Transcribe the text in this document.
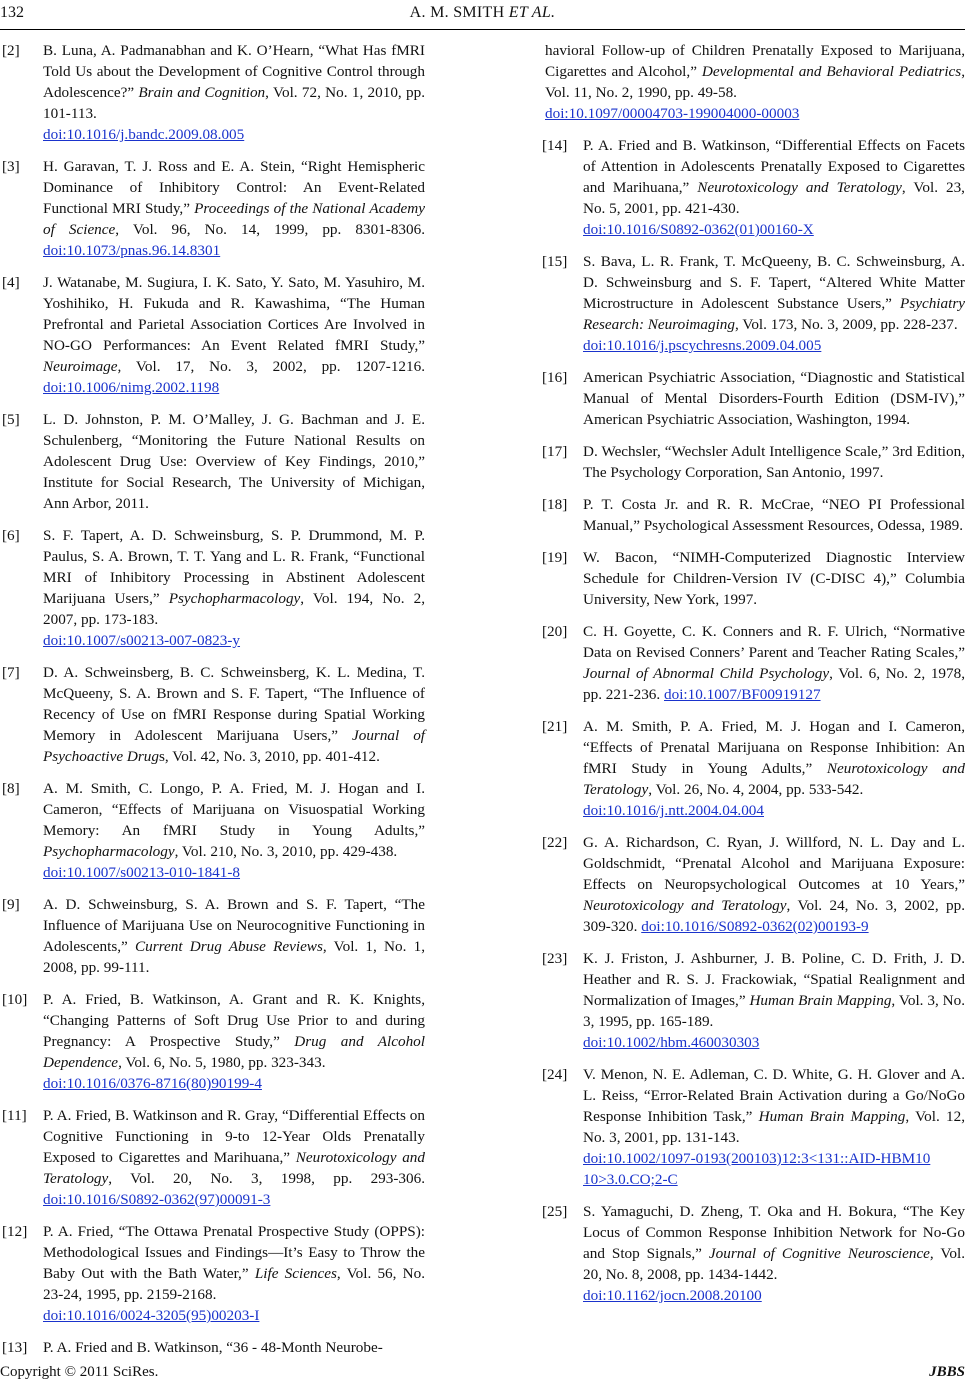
132	A. M. SMITH ET AL.
[2] B. Luna, A. Padmanabhan and K. O’Hearn, “What Has fMRI Told Us about the Development of Cognitive Control through Adolescence?” Brain and Cognition, Vol. 72, No. 1, 2010, pp. 101-113.
doi:10.1016/j.bandc.2009.08.005
[3] H. Garavan, T. J. Ross and E. A. Stein, “Right Hemispheric Dominance of Inhibitory Control: An Event-Related Functional MRI Study,” Proceedings of the National Academy of Science, Vol. 96, No. 14, 1999, pp. 8301-8306. doi:10.1073/pnas.96.14.8301
[4] J. Watanabe, M. Sugiura, I. K. Sato, Y. Sato, M. Yasuhiro, M. Yoshihiko, H. Fukuda and R. Kawashima, “The Human Prefrontal and Parietal Association Cortices Are Involved in NO-GO Performances: An Event Related fMRI Study,” Neuroimage, Vol. 17, No. 3, 2002, pp. 1207-1216. doi:10.1006/nimg.2002.1198
[5] L. D. Johnston, P. M. O’Malley, J. G. Bachman and J. E. Schulenberg, “Monitoring the Future National Results on Adolescent Drug Use: Overview of Key Findings, 2010,” Institute for Social Research, The University of Michigan, Ann Arbor, 2011.
[6] S. F. Tapert, A. D. Schweinsburg, S. P. Drummond, M. P. Paulus, S. A. Brown, T. T. Yang and L. R. Frank, “Functional MRI of Inhibitory Processing in Abstinent Adolescent Marijuana Users,” Psychopharmacology, Vol. 194, No. 2, 2007, pp. 173-183.
doi:10.1007/s00213-007-0823-y
[7] D. A. Schweinsberg, B. C. Schweinsberg, K. L. Medina, T. McQueeny, S. A. Brown and S. F. Tapert, “The Influence of Recency of Use on fMRI Response during Spatial Working Memory in Adolescent Marijuana Users,” Journal of Psychoactive Drugs, Vol. 42, No. 3, 2010, pp. 401-412.
[8] A. M. Smith, C. Longo, P. A. Fried, M. J. Hogan and I. Cameron, “Effects of Marijuana on Visuospatial Working Memory: An fMRI Study in Young Adults,” Psychopharmacology, Vol. 210, No. 3, 2010, pp. 429-438.
doi:10.1007/s00213-010-1841-8
[9] A. D. Schweinsburg, S. A. Brown and S. F. Tapert, “The Influence of Marijuana Use on Neurocognitive Functioning in Adolescents,” Current Drug Abuse Reviews, Vol. 1, No. 1, 2008, pp. 99-111.
[10] P. A. Fried, B. Watkinson, A. Grant and R. K. Knights, “Changing Patterns of Soft Drug Use Prior to and during Pregnancy: A Prospective Study,” Drug and Alcohol Dependence, Vol. 6, No. 5, 1980, pp. 323-343.
doi:10.1016/0376-8716(80)90199-4
[11] P. A. Fried, B. Watkinson and R. Gray, “Differential Effects on Cognitive Functioning in 9-to 12-Year Olds Prenatally Exposed to Cigarettes and Marihuana,” Neurotoxicology and Teratology, Vol. 20, No. 3, 1998, pp. 293-306. doi:10.1016/S0892-0362(97)00091-3
[12] P. A. Fried, “The Ottawa Prenatal Prospective Study (OPPS): Methodological Issues and Findings―It’s Easy to Throw the Baby Out with the Bath Water,” Life Sciences, Vol. 56, No. 23-24, 1995, pp. 2159-2168.
doi:10.1016/0024-3205(95)00203-I
[13] P. A. Fried and B. Watkinson, “36 - 48-Month Neurobe-
havioral Follow-up of Children Prenatally Exposed to Marijuana, Cigarettes and Alcohol,” Developmental and Behavioral Pediatrics, Vol. 11, No. 2, 1990, pp. 49-58.
doi:10.1097/00004703-199004000-00003
[14] P. A. Fried and B. Watkinson, “Differential Effects on Facets of Attention in Adolescents Prenatally Exposed to Cigarettes and Marihuana,” Neurotoxicology and Teratology, Vol. 23, No. 5, 2001, pp. 421-430.
doi:10.1016/S0892-0362(01)00160-X
[15] S. Bava, L. R. Frank, T. McQueeny, B. C. Schweinsburg, A. D. Schweinsburg and S. F. Tapert, “Altered White Matter Microstructure in Adolescent Substance Users,” Psychiatry Research: Neuroimaging, Vol. 173, No. 3, 2009, pp. 228-237.
doi:10.1016/j.pscychresns.2009.04.005
[16] American Psychiatric Association, “Diagnostic and Statistical Manual of Mental Disorders-Fourth Edition (DSM-IV),” American Psychiatric Association, Washington, 1994.
[17] D. Wechsler, “Wechsler Adult Intelligence Scale,” 3rd Edition, The Psychology Corporation, San Antonio, 1997.
[18] P. T. Costa Jr. and R. R. McCrae, “NEO PI Professional Manual,” Psychological Assessment Resources, Odessa, 1989.
[19] W. Bacon, “NIMH-Computerized Diagnostic Interview Schedule for Children-Version IV (C-DISC 4),” Columbia University, New York, 1997.
[20] C. H. Goyette, C. K. Conners and R. F. Ulrich, “Normative Data on Revised Conners’ Parent and Teacher Rating Scales,” Journal of Abnormal Child Psychology, Vol. 6, No. 2, 1978, pp. 221-236. doi:10.1007/BF00919127
[21] A. M. Smith, P. A. Fried, M. J. Hogan and I. Cameron, “Effects of Prenatal Marijuana on Response Inhibition: An fMRI Study in Young Adults,” Neurotoxicology and Teratology, Vol. 26, No. 4, 2004, pp. 533-542.
doi:10.1016/j.ntt.2004.04.004
[22] G. A. Richardson, C. Ryan, J. Willford, N. L. Day and L. Goldschmidt, “Prenatal Alcohol and Marijuana Exposure: Effects on Neuropsychological Outcomes at 10 Years,” Neurotoxicology and Teratology, Vol. 24, No. 3, 2002, pp. 309-320. doi:10.1016/S0892-0362(02)00193-9
[23] K. J. Friston, J. Ashburner, J. B. Poline, C. D. Frith, J. D. Heather and R. S. J. Frackowiak, “Spatial Realignment and Normalization of Images,” Human Brain Mapping, Vol. 3, No. 3, 1995, pp. 165-189.
doi:10.1002/hbm.460030303
[24] V. Menon, N. E. Adleman, C. D. White, G. H. Glover and A. L. Reiss, “Error-Related Brain Activation during a Go/NoGo Response Inhibition Task,” Human Brain Mapping, Vol. 12, No. 3, 2001, pp. 131-143.
doi:10.1002/1097-0193(200103)12:3<131::AID-HBM10 10>3.0.CO;2-C
[25] S. Yamaguchi, D. Zheng, T. Oka and H. Bokura, “The Key Locus of Common Response Inhibition Network for No-Go and Stop Signals,” Journal of Cognitive Neuroscience, Vol. 20, No. 8, 2008, pp. 1434-1442.
doi:10.1162/jocn.2008.20100
Copyright © 2011 SciRes.	JBBS
